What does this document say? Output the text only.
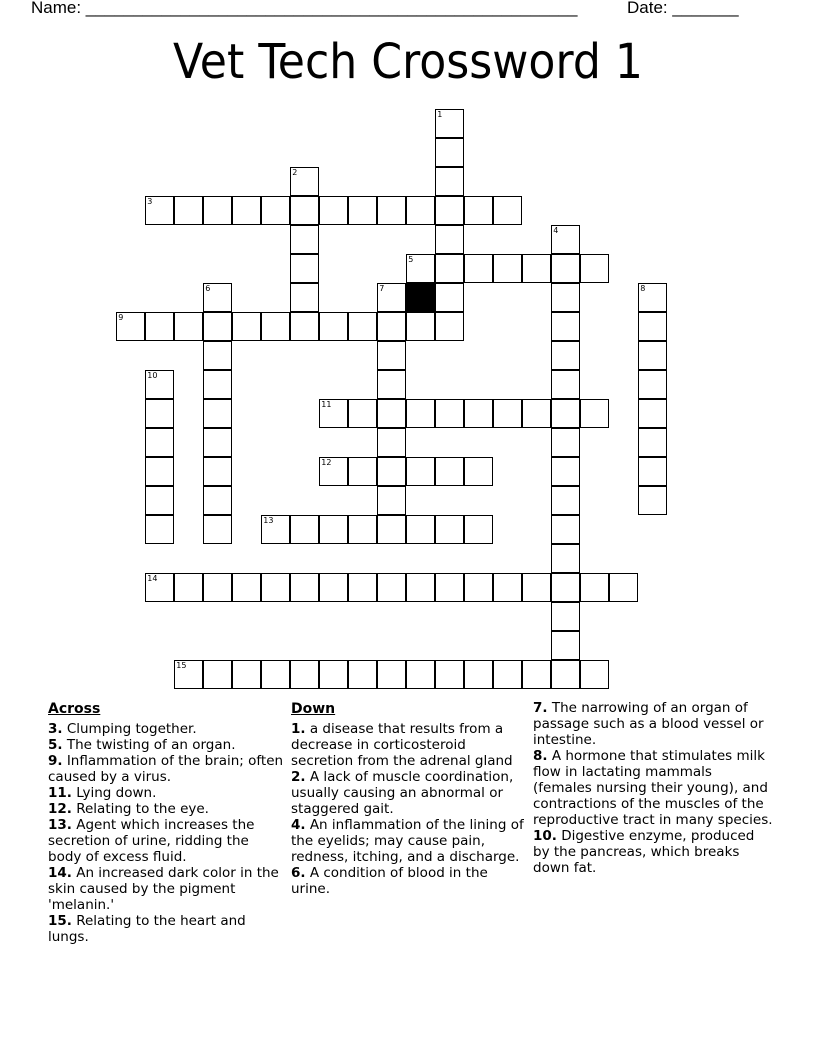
Name: ____________________________________________________	Date: _______
Vet Tech Crossword 1
1
2
3
4
5
6	7	8
9
10
11
12
13
14
15
Across
3. Clumping together.
5. The twisting of an organ.
9. Inflammation of the brain; often caused by a virus.
11. Lying down.
12. Relating to the eye.
13. Agent which increases the secretion of urine, ridding the body of excess fluid.
14. An increased dark color in the skin caused by the pigment 'melanin.'
15. Relating to the heart and lungs.
Down
1. a disease that results from a decrease in corticosteroid secretion from the adrenal gland
2. A lack of muscle coordination, usually causing an abnormal or staggered gait.
4. An inflammation of the lining of the eyelids; may cause pain, redness, itching, and a discharge.
6. A condition of blood in the urine.
7. The narrowing of an organ of passage such as a blood vessel or intestine.
8. A hormone that stimulates milk flow in lactating mammals (females nursing their young), and contractions of the muscles of the reproductive tract in many species.
10. Digestive enzyme, produced by the pancreas, which breaks down fat.
